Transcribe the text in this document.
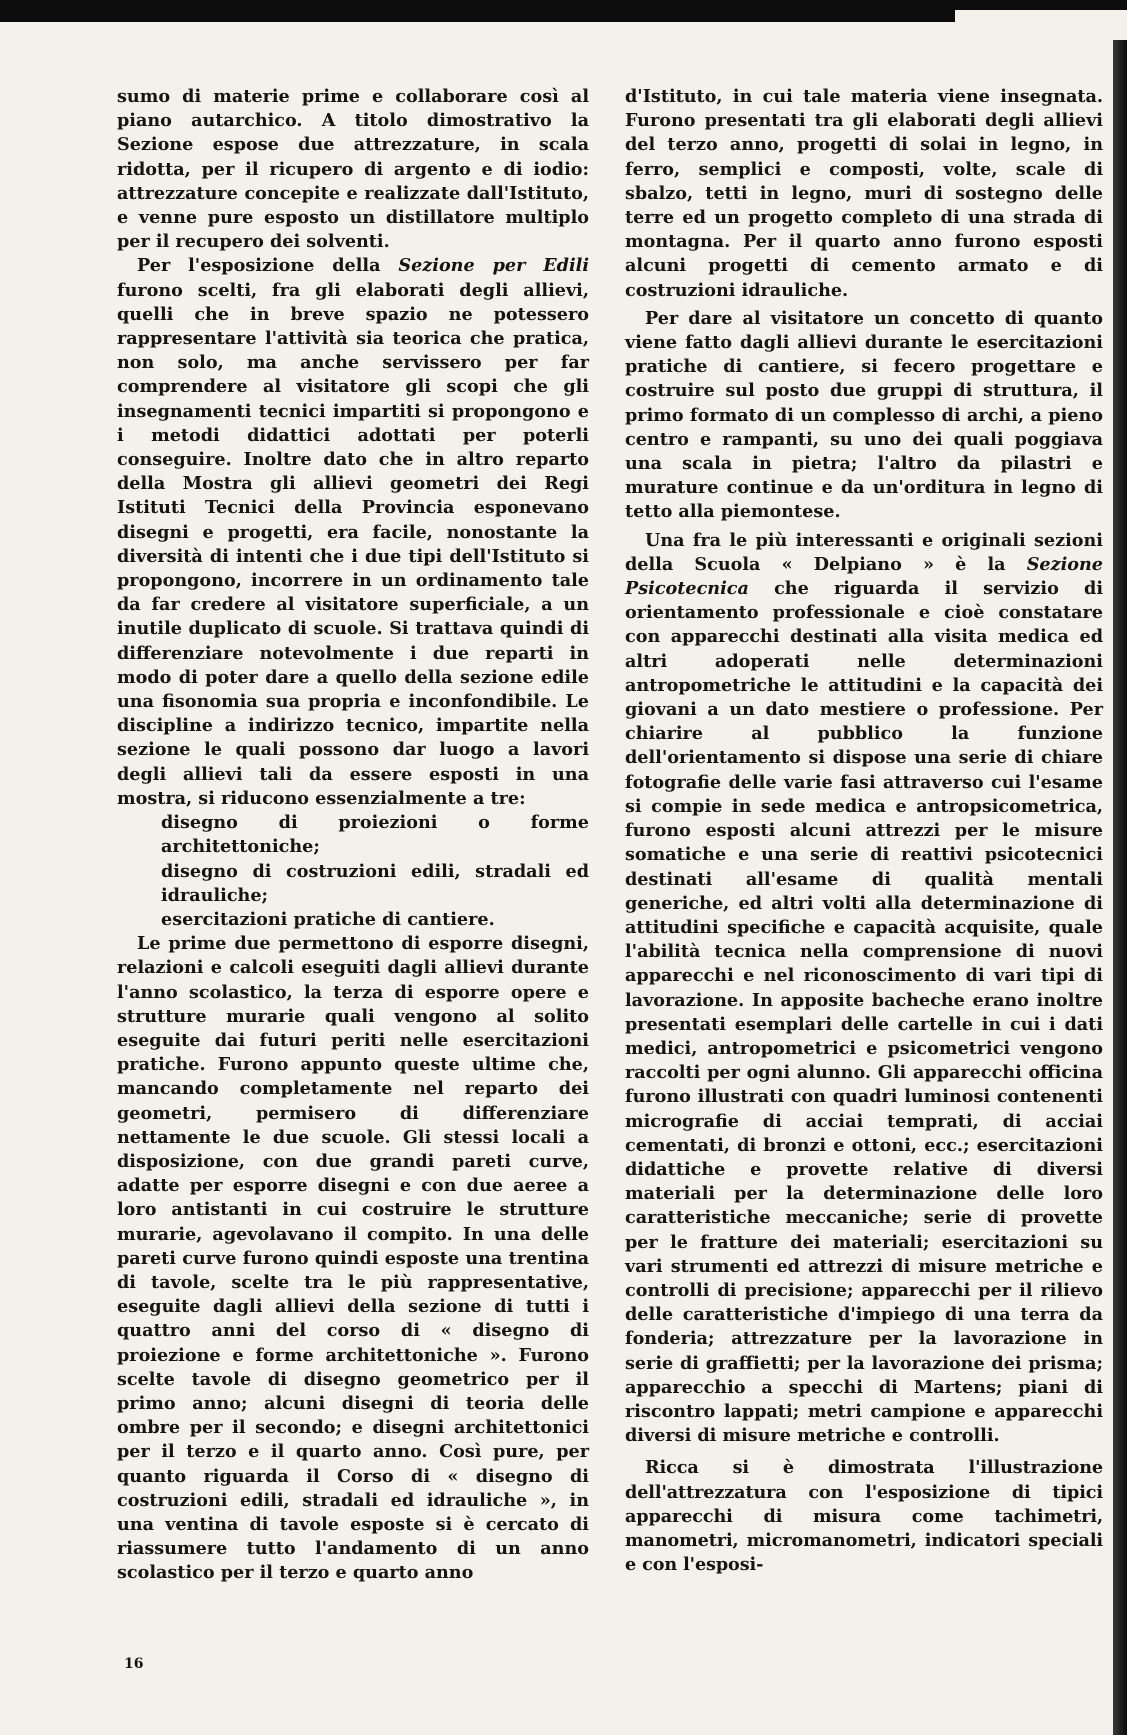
sumo di materie prime e collaborare così al piano autarchico. A titolo dimostrativo la Sezione espose due attrezzature, in scala ridotta, per il ricupero di argento e di iodio: attrezzature concepite e realizzate dall'Istituto, e venne pure esposto un distillatore multiplo per il recupero dei solventi.

Per l'esposizione della Sezione per Edili furono scelti, fra gli elaborati degli allievi, quelli che in breve spazio ne potessero rappresentare l'attività sia teorica che pratica, non solo, ma anche servissero per far comprendere al visitatore gli scopi che gli insegnamenti tecnici impartiti si propongono e i metodi didattici adottati per poterli conseguire. Inoltre dato che in altro reparto della Mostra gli allievi geometri dei Regi Istituti Tecnici della Provincia esponevano disegni e progetti, era facile, nonostante la diversità di intenti che i due tipi dell'Istituto si propongono, incorrere in un ordinamento tale da far credere al visitatore superficiale, a un inutile duplicato di scuole. Si trattava quindi di differenziare notevolmente i due reparti in modo di poter dare a quello della sezione edile una fisonomia sua propria e inconfondibile. Le discipline a indirizzo tecnico, impartite nella sezione le quali possono dar luogo a lavori degli allievi tali da essere esposti in una mostra, si riducono essenzialmente a tre:

disegno di proiezioni o forme architettoniche;

disegno di costruzioni edili, stradali ed idrauliche;

esercitazioni pratiche di cantiere.

Le prime due permettono di esporre disegni, relazioni e calcoli eseguiti dagli allievi durante l'anno scolastico, la terza di esporre opere e strutture murarie quali vengono al solito eseguite dai futuri periti nelle esercitazioni pratiche. Furono appunto queste ultime che, mancando completamente nel reparto dei geometri, permisero di differenziare nettamente le due scuole. Gli stessi locali a disposizione, con due grandi pareti curve, adatte per esporre disegni e con due aeree a loro antistanti in cui costruire le strutture murarie, agevolavano il compito. In una delle pareti curve furono quindi esposte una trentina di tavole, scelte tra le più rappresentative, eseguite dagli allievi della sezione di tutti i quattro anni del corso di « disegno di proiezione e forme architettoniche ». Furono scelte tavole di disegno geometrico per il primo anno; alcuni disegni di teoria delle ombre per il secondo; e disegni architettonici per il terzo e il quarto anno. Così pure, per quanto riguarda il Corso di « disegno di costruzioni edili, stradali ed idrauliche », in una ventina di tavole esposte si è cercato di riassumere tutto l'andamento di un anno scolastico per il terzo e quarto anno

d'Istituto, in cui tale materia viene insegnata. Furono presentati tra gli elaborati degli allievi del terzo anno, progetti di solai in legno, in ferro, semplici e composti, volte, scale di sbalzo, tetti in legno, muri di sostegno delle terre ed un progetto completo di una strada di montagna. Per il quarto anno furono esposti alcuni progetti di cemento armato e di costruzioni idrauliche.

Per dare al visitatore un concetto di quanto viene fatto dagli allievi durante le esercitazioni pratiche di cantiere, si fecero progettare e costruire sul posto due gruppi di struttura, il primo formato di un complesso di archi, a pieno centro e rampanti, su uno dei quali poggiava una scala in pietra; l'altro da pilastri e murature continue e da un'orditura in legno di tetto alla piemontese.

Una fra le più interessanti e originali sezioni della Scuola « Delpiano » è la Sezione Psicotecnica che riguarda il servizio di orientamento professionale e cioè constatare con apparecchi destinati alla visita medica ed altri adoperati nelle determinazioni antropometriche le attitudini e la capacità dei giovani a un dato mestiere o professione. Per chiarire al pubblico la funzione dell'orientamento si dispose una serie di chiare fotografie delle varie fasi attraverso cui l'esame si compie in sede medica e antropsicometrica, furono esposti alcuni attrezzi per le misure somatiche e una serie di reattivi psicotecnici destinati all'esame di qualità mentali generiche, ed altri volti alla determinazione di attitudini specifiche e capacità acquisite, quale l'abilità tecnica nella comprensione di nuovi apparecchi e nel riconoscimento di vari tipi di lavorazione. In apposite bacheche erano inoltre presentati esemplari delle cartelle in cui i dati medici, antropometrici e psicometrici vengono raccolti per ogni alunno. Gli apparecchi officina furono illustrati con quadri luminosi contenenti micrografie di acciai temprati, di acciai cementati, di bronzi e ottoni, ecc.; esercitazioni didattiche e provette relative di diversi materiali per la determinazione delle loro caratteristiche meccaniche; serie di provette per le fratture dei materiali; esercitazioni su vari strumenti ed attrezzi di misure metriche e controlli di precisione; apparecchi per il rilievo delle caratteristiche d'impiego di una terra da fonderia; attrezzature per la lavorazione in serie di graffietti; per la lavorazione dei prisma; apparecchio a specchi di Martens; piani di riscontro lappati; metri campione e apparecchi diversi di misure metriche e controlli.

Ricca si è dimostrata l'illustrazione dell'attrezzatura con l'esposizione di tipici apparecchi di misura come tachimetri, manometri, micromanometri, indicatori speciali e con l'esposi-

16
